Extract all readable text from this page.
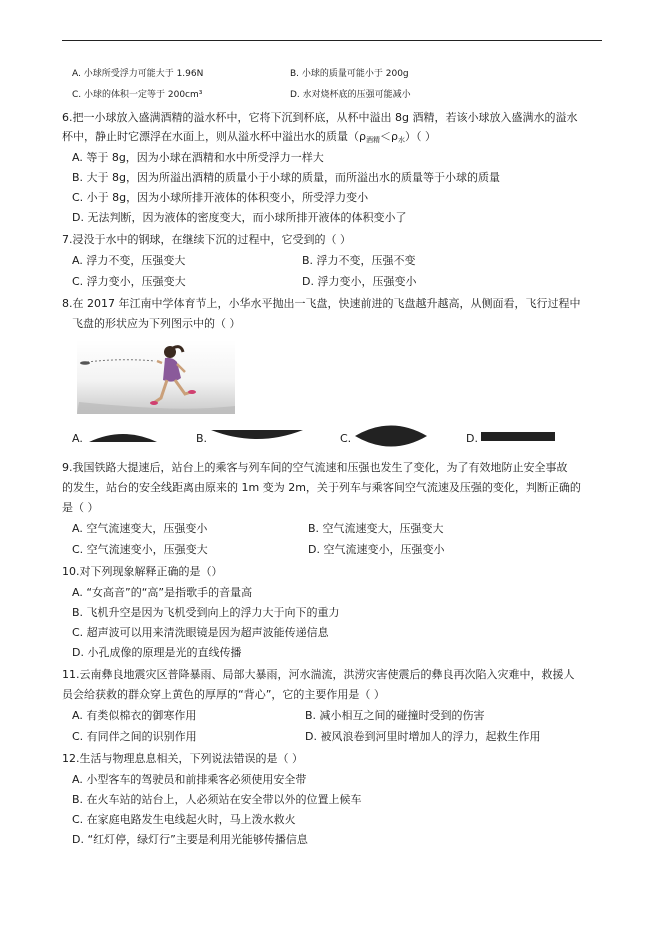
A. 小球所受浮力可能大于 1.96N	B. 小球的质量可能小于 200g
C. 小球的体积一定等于 200cm³	D. 水对烧杯底的压强可能减小
6.把一小球放入盛满酒精的溢水杯中，它将下沉到杯底，从杯中溢出 8g 酒精，若该小球放入盛满水的溢水
杯中，静止时它漂浮在水面上，则从溢水杯中溢出水的质量$(\rho_{酒精}<\rho_水)$（ ）
A. 等于 8g，因为小球在酒精和水中所受浮力一样大
B. 大于 8g，因为所溢出酒精的质量小于小球的质量，而所溢出水的质量等于小球的质量
C. 小于 8g，因为小球所排开液体的体积变小，所受浮力变小
D. 无法判断，因为液体的密度变大，而小球所排开液体的体积变小了
7.浸没于水中的钢球，在继续下沉的过程中，它受到的（ ）
A. 浮力不变，压强变大	B. 浮力不变，压强不变
C. 浮力变小，压强变大	D. 浮力变小，压强变小
8.在 2017 年江南中学体育节上，小华水平抛出一飞盘，快速前进的飞盘越升越高，从侧面看，飞行过程中
飞盘的形状应为下列图示中的（ ）
A.	B.	C.	D.
9.我国铁路大提速后，站台上的乘客与列车间的空气流速和压强也发生了变化，为了有效地防止安全事故
的发生，站台的安全线距离由原来的 1m 变为 2m，关于列车与乘客间空气流速及压强的变化，判断正确的
是（ ）
A. 空气流速变大，压强变小	B. 空气流速变大，压强变大
C. 空气流速变小，压强变大	D. 空气流速变小，压强变小
10.对下列现象解释正确的是（）
A. “女高音”的“高”是指歌手的音量高
B. 飞机升空是因为飞机受到向上的浮力大于向下的重力
C. 超声波可以用来清洗眼镜是因为超声波能传递信息
D. 小孔成像的原理是光的直线传播
11.云南彝良地震灾区普降暴雨、局部大暴雨，河水湍流，洪涝灾害使震后的彝良再次陷入灾难中，救援人
员会给获救的群众穿上黄色的厚厚的“背心”，它的主要作用是（ ）
A. 有类似棉衣的御寒作用	B. 减小相互之间的碰撞时受到的伤害
C. 有同伴之间的识别作用	D. 被风浪卷到河里时增加人的浮力，起救生作用
12.生活与物理息息相关，下列说法错误的是（ ）
A. 小型客车的驾驶员和前排乘客必须使用安全带
B. 在火车站的站台上，人必须站在安全带以外的位置上候车
C. 在家庭电路发生电线起火时，马上泼水救火
D. “红灯停，绿灯行”主要是利用光能够传播信息
